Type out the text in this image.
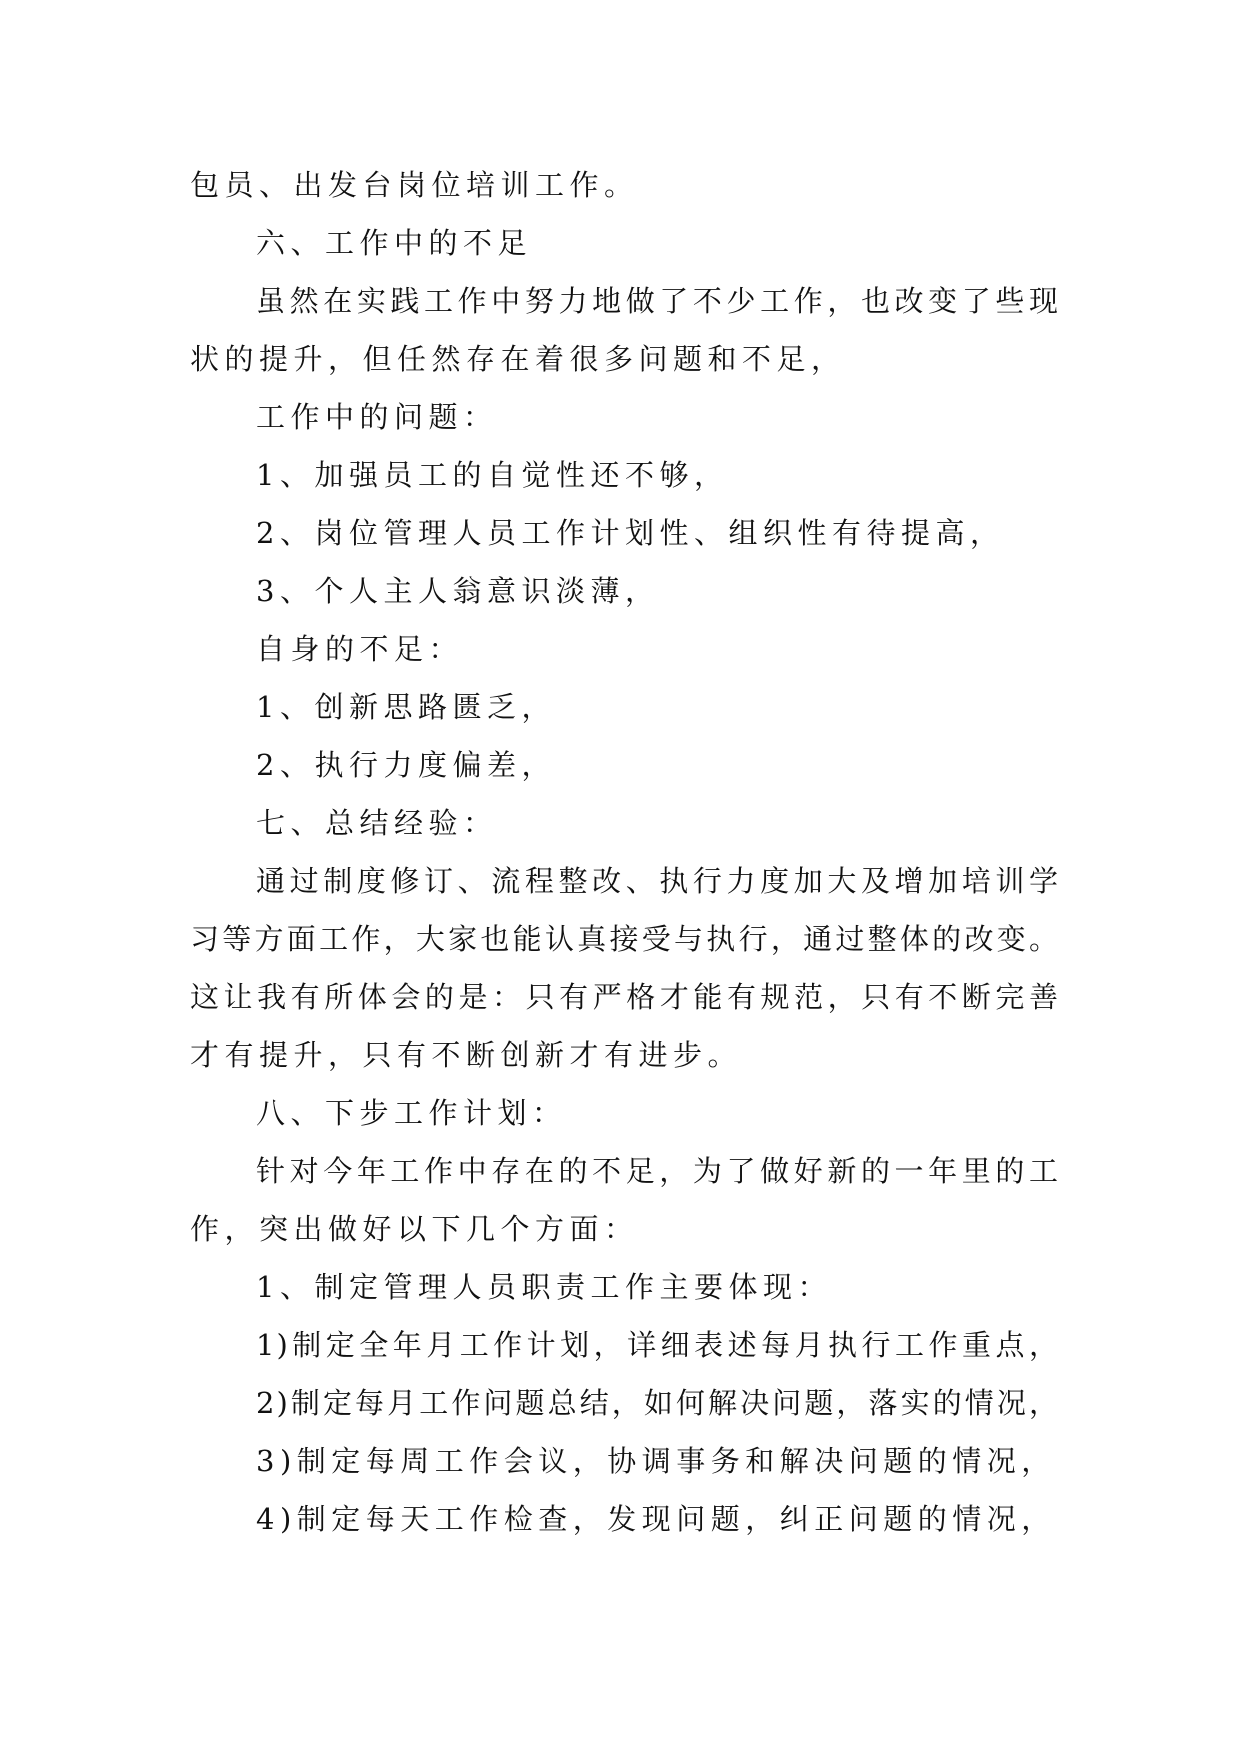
包员、出发台岗位培训工作。
六、工作中的不足
虽然在实践工作中努力地做了不少工作，也改变了些现
状的提升，但任然存在着很多问题和不足，
工作中的问题：
1、加强员工的自觉性还不够，
2、岗位管理人员工作计划性、组织性有待提高，
3、个人主人翁意识淡薄，
自身的不足：
1、创新思路匮乏，
2、执行力度偏差，
七、总结经验：
通过制度修订、流程整改、执行力度加大及增加培训学
习等方面工作，大家也能认真接受与执行，通过整体的改变。
这让我有所体会的是：只有严格才能有规范，只有不断完善
才有提升，只有不断创新才有进步。
八、下步工作计划：
针对今年工作中存在的不足，为了做好新的一年里的工
作，突出做好以下几个方面：
1、制定管理人员职责工作主要体现：
1)制定全年月工作计划，详细表述每月执行工作重点，
2)制定每月工作问题总结，如何解决问题，落实的情况，
3)制定每周工作会议，协调事务和解决问题的情况，
4)制定每天工作检查，发现问题，纠正问题的情况，
